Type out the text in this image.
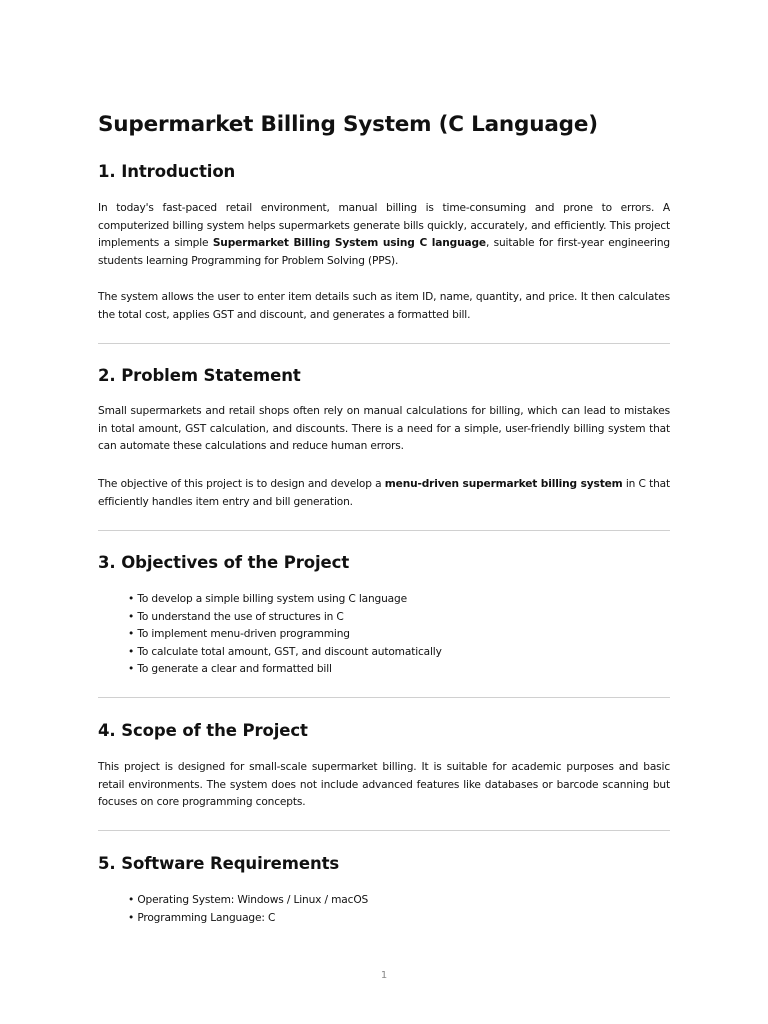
Supermarket Billing System (C Language)
1. Introduction

In today's fast-paced retail environment, manual billing is time-consuming and prone to errors. A computerized billing system helps supermarkets generate bills quickly, accurately, and efficiently. This project implements a simple Supermarket Billing System using C language, suitable for first-year engineering students learning Programming for Problem Solving (PPS).

The system allows the user to enter item details such as item ID, name, quantity, and price. It then calculates the total cost, applies GST and discount, and generates a formatted bill.

2. Problem Statement

Small supermarkets and retail shops often rely on manual calculations for billing, which can lead to mistakes in total amount, GST calculation, and discounts. There is a need for a simple, user-friendly billing system that can automate these calculations and reduce human errors.

The objective of this project is to design and develop a menu-driven supermarket billing system in C that efficiently handles item entry and bill generation.

3. Objectives of the Project
• To develop a simple billing system using C language
• To understand the use of structures in C
• To implement menu-driven programming
• To calculate total amount, GST, and discount automatically
• To generate a clear and formatted bill
4. Scope of the Project

This project is designed for small-scale supermarket billing. It is suitable for academic purposes and basic retail environments. The system does not include advanced features like databases or barcode scanning but focuses on core programming concepts.

5. Software Requirements
• Operating System: Windows / Linux / macOS
• Programming Language: C
1
